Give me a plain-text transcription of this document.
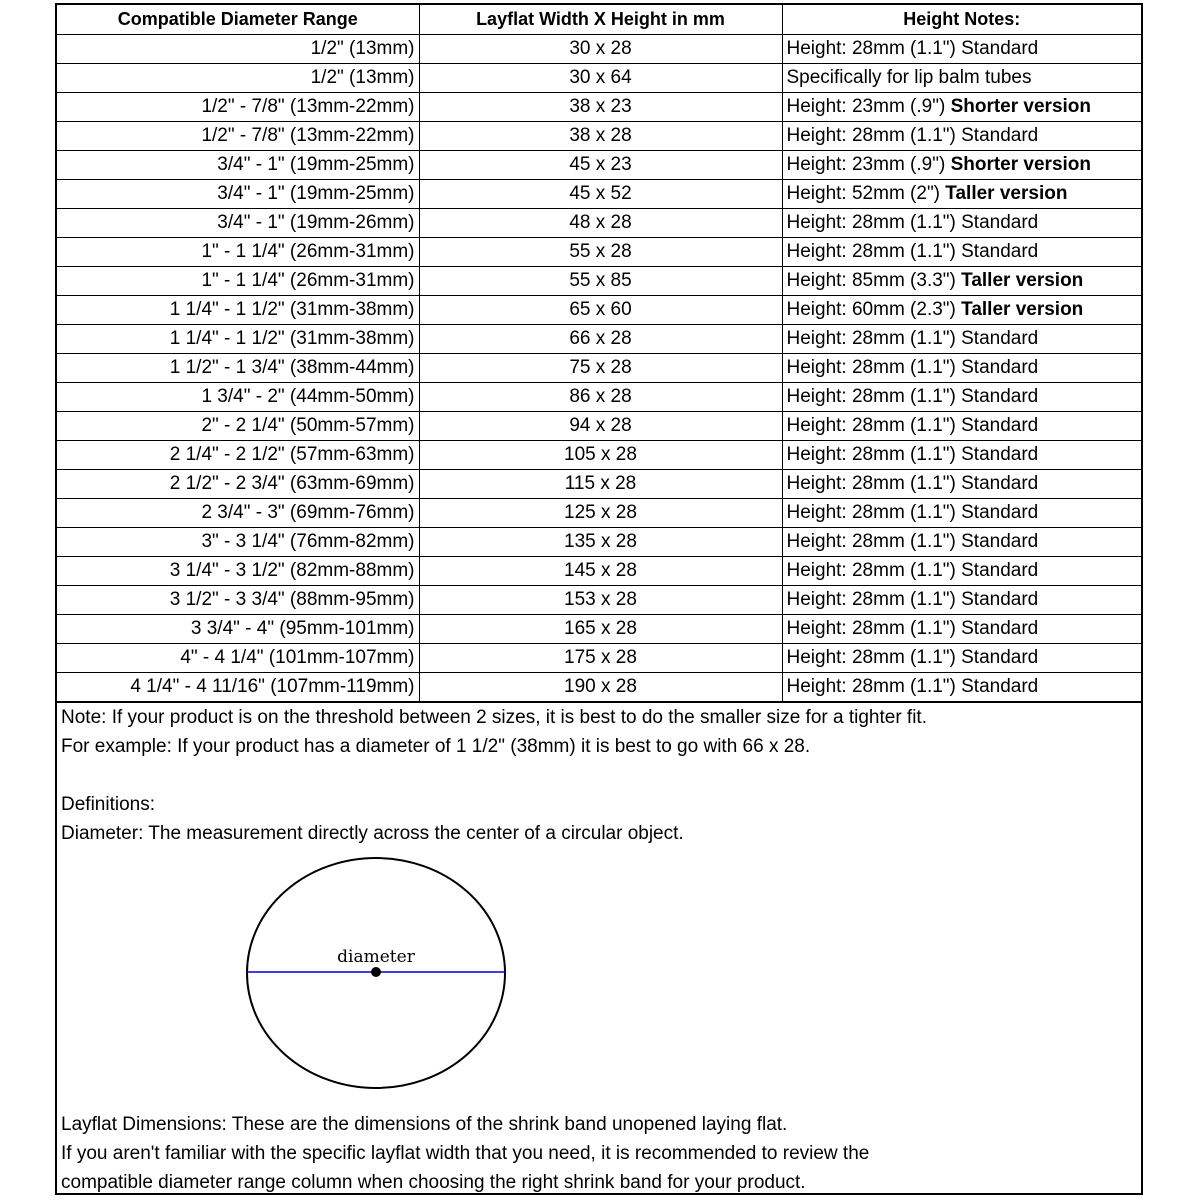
Compatible Diameter Range	Layflat Width X Height in mm	Height Notes:
1/2" (13mm)	30 x 28	Height: 28mm (1.1") Standard
1/2" (13mm)	30 x 64	Specifically for lip balm tubes
1/2" - 7/8" (13mm-22mm)	38 x 23	Height: 23mm (.9") Shorter version
1/2" - 7/8" (13mm-22mm)	38 x 28	Height: 28mm (1.1") Standard
3/4" - 1" (19mm-25mm)	45 x 23	Height: 23mm (.9") Shorter version
3/4" - 1" (19mm-25mm)	45 x 52	Height: 52mm (2") Taller version
3/4" - 1" (19mm-26mm)	48 x 28	Height: 28mm (1.1") Standard
1" - 1 1/4" (26mm-31mm)	55 x 28	Height: 28mm (1.1") Standard
1" - 1 1/4" (26mm-31mm)	55 x 85	Height: 85mm (3.3") Taller version
1 1/4" - 1 1/2" (31mm-38mm)	65 x 60	Height: 60mm (2.3") Taller version
1 1/4" - 1 1/2" (31mm-38mm)	66 x 28	Height: 28mm (1.1") Standard
1 1/2" - 1 3/4" (38mm-44mm)	75 x 28	Height: 28mm (1.1") Standard
1 3/4" - 2" (44mm-50mm)	86 x 28	Height: 28mm (1.1") Standard
2" - 2 1/4" (50mm-57mm)	94 x 28	Height: 28mm (1.1") Standard
2 1/4" - 2 1/2" (57mm-63mm)	105 x 28	Height: 28mm (1.1") Standard
2 1/2" - 2 3/4" (63mm-69mm)	115 x 28	Height: 28mm (1.1") Standard
2 3/4" - 3" (69mm-76mm)	125 x 28	Height: 28mm (1.1") Standard
3" - 3 1/4" (76mm-82mm)	135 x 28	Height: 28mm (1.1") Standard
3 1/4" - 3 1/2" (82mm-88mm)	145 x 28	Height: 28mm (1.1") Standard
3 1/2" - 3 3/4" (88mm-95mm)	153 x 28	Height: 28mm (1.1") Standard
3 3/4" - 4" (95mm-101mm)	165 x 28	Height: 28mm (1.1") Standard
4" - 4 1/4" (101mm-107mm)	175 x 28	Height: 28mm (1.1") Standard
4 1/4" - 4 11/16" (107mm-119mm)	190 x 28	Height: 28mm (1.1") Standard
Note: If your product is on the threshold between 2 sizes, it is best to do the smaller size for a tighter fit.
For example: If your product has a diameter of 1 1/2" (38mm) it is best to go with 66 x 28.
Definitions:
Diameter: The measurement directly across the center of a circular object.
diameter
Layflat Dimensions: These are the dimensions of the shrink band unopened laying flat.
If you aren't familiar with the specific layflat width that you need, it is recommended to review the
compatible diameter range column when choosing the right shrink band for your product.
